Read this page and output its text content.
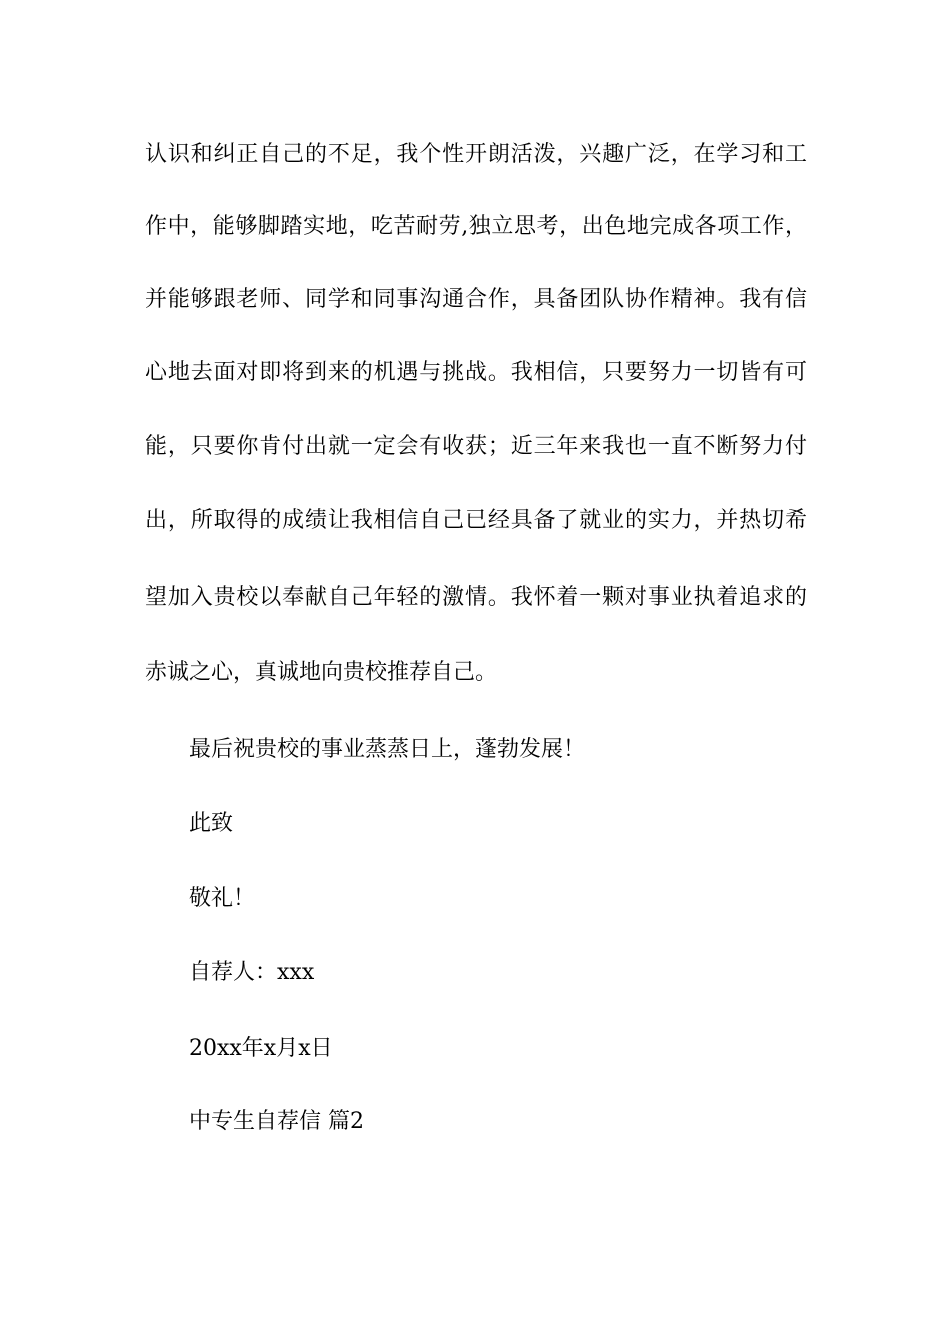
认识和纠正自己的不足，我个性开朗活泼，兴趣广泛，在学习和工
作中，能够脚踏实地，吃苦耐劳,独立思考，出色地完成各项工作，
并能够跟老师、同学和同事沟通合作，具备团队协作精神。我有信
心地去面对即将到来的机遇与挑战。我相信，只要努力一切皆有可
能，只要你肯付出就一定会有收获；近三年来我也一直不断努力付
出，所取得的成绩让我相信自己已经具备了就业的实力，并热切希
望加入贵校以奉献自己年轻的激情。我怀着一颗对事业执着追求的
赤诚之心，真诚地向贵校推荐自己。
最后祝贵校的事业蒸蒸日上，蓬勃发展！
此致
敬礼！
自荐人：xxx
20xx年x月x日
中专生自荐信 篇2
